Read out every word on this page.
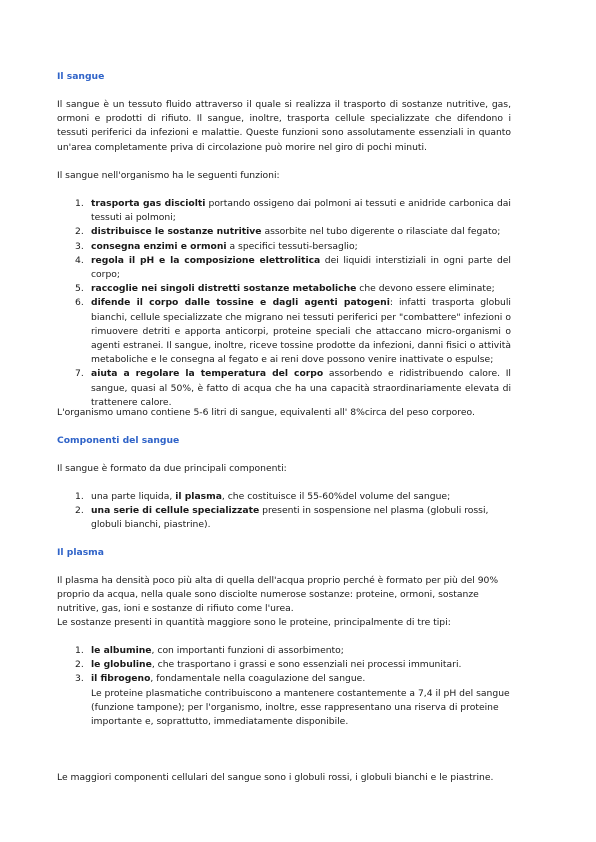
Il sangue
Il sangue è un tessuto fluido attraverso il quale si realizza il trasporto di sostanze nutritive, gas, ormoni e prodotti di rifiuto. Il sangue, inoltre, trasporta cellule specializzate che difendono i tessuti periferici da infezioni e malattie. Queste funzioni sono assolutamente essenziali in quanto un'area completamente priva di circolazione può morire nel giro di pochi minuti.
Il sangue nell'organismo ha le seguenti funzioni:
1. trasporta gas disciolti portando ossigeno dai polmoni ai tessuti e anidride carbonica dai tessuti ai polmoni;
2. distribuisce le sostanze nutritive assorbite nel tubo digerente o rilasciate dal fegato;
3. consegna enzimi e ormoni a specifici tessuti-bersaglio;
4. regola il pH e la composizione elettrolitica dei liquidi interstiziali in ogni parte del corpo;
5. raccoglie nei singoli distretti sostanze metaboliche che devono essere eliminate;
6. difende il corpo dalle tossine e dagli agenti patogeni: infatti trasporta globuli bianchi, cellule specializzate che migrano nei tessuti periferici per "combattere" infezioni o rimuovere detriti e apporta anticorpi, proteine speciali che attaccano micro-organismi o agenti estranei. Il sangue, inoltre, riceve tossine prodotte da infezioni, danni fisici o attività metaboliche e le consegna al fegato e ai reni dove possono venire inattivate o espulse;
7. aiuta a regolare la temperatura del corpo assorbendo e ridistribuendo calore. Il sangue, quasi al 50%, è fatto di acqua che ha una capacità straordinariamente elevata di trattenere calore.
L'organismo umano contiene 5-6 litri di sangue, equivalenti all' 8%circa del peso corporeo.
Componenti del sangue
Il sangue è formato da due principali componenti:
1. una parte liquida, il plasma, che costituisce il 55-60%del volume del sangue;
2. una serie di cellule specializzate presenti in sospensione nel plasma (globuli rossi, globuli bianchi, piastrine).
Il plasma
Il plasma ha densità poco più alta di quella dell'acqua proprio perché è formato per più del 90% proprio da acqua, nella quale sono disciolte numerose sostanze: proteine, ormoni, sostanze nutritive, gas, ioni e sostanze di rifiuto come l'urea.
Le sostanze presenti in quantità maggiore sono le proteine, principalmente di tre tipi:
1. le albumine, con importanti funzioni di assorbimento;
2. le globuline, che trasportano i grassi e sono essenziali nei processi immunitari.
3. il fibrogeno, fondamentale nella coagulazione del sangue.
Le proteine plasmatiche contribuiscono a mantenere costantemente a 7,4 il pH del sangue (funzione tampone); per l'organismo, inoltre, esse rappresentano una riserva di proteine importante e, soprattutto, immediatamente disponibile.
Le maggiori componenti cellulari del sangue sono i globuli rossi, i globuli bianchi e le piastrine.
